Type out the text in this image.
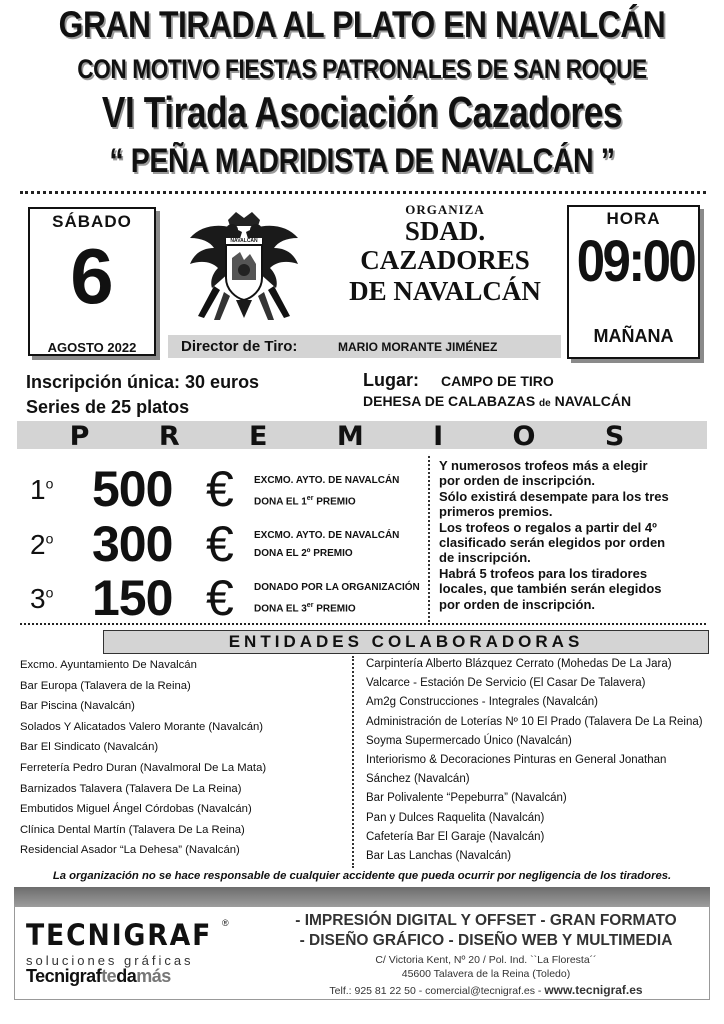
GRAN TIRADA AL PLATO EN NAVALCÁN
CON MOTIVO FIESTAS PATRONALES DE SAN ROQUE
VI Tirada Asociación Cazadores
“ PEÑA MADRIDISTA DE NAVALCÁN ”
SÁBADO
6
AGOSTO 2022
NAVALCÁN
ORGANIZA
SDAD.
CAZADORES
DE NAVALCÁN
HORA
09:00
MAÑANA
Director de Tiro:	MARIO MORANTE JIMÉNEZ
Inscripción única: 30 euros
Series de 25 platos
Lugar: CAMPO DE TIRO
DEHESA DE CALABAZAS de NAVALCÁN
P R E M I O S
1$^o$ 500 € EXCMO. AYTO. DE NAVALCÁN
DONA EL 1er PREMIO
2$^o$ 300 € EXCMO. AYTO. DE NAVALCÁN
DONA EL 2º PREMIO
3$^o$ 150 € DONADO POR LA ORGANIZACIÓN
DONA EL 3er PREMIO
Y numerosos trofeos más a elegir
por orden de inscripción.
Sólo existirá desempate para los tres
primeros premios.
Los trofeos o regalos a partir del 4º
clasificado serán elegidos por orden
de inscripción.
Habrá 5 trofeos para los tiradores
locales, que también serán elegidos
por orden de inscripción.
ENTIDADES COLABORADORAS
Excmo. Ayuntamiento De Navalcán
Bar Europa (Talavera de la Reina)
Bar Piscina (Navalcán)
Solados Y Alicatados Valero Morante (Navalcán)
Bar El Sindicato (Navalcán)
Ferretería Pedro Duran (Navalmoral De La Mata)
Barnizados Talavera (Talavera De La Reina)
Embutidos Miguel Ángel Córdobas (Navalcán)
Clínica Dental Martín (Talavera De La Reina)
Residencial Asador “La Dehesa” (Navalcán)
Carpintería Alberto Blázquez Cerrato (Mohedas De La Jara)
Valcarce - Estación De Servicio (El Casar De Talavera)
Am2g Construcciones - Integrales (Navalcán)
Administración de Loterías Nº 10 El Prado (Talavera De La Reina)
Soyma Supermercado Único (Navalcán)
Interiorismo & Decoraciones Pinturas en General Jonathan
Sánchez (Navalcán)
Bar Polivalente “Pepeburra” (Navalcán)
Pan y Dulces Raquelita (Navalcán)
Cafetería Bar El Garaje (Navalcán)
Bar Las Lanchas (Navalcán)
La organización no se hace responsable de cualquier accidente que pueda ocurrir por negligencia de los tiradores.
TECNIGRAF ®
soluciones gráficas
Tecnigraftedamás
- IMPRESIÓN DIGITAL Y OFFSET - GRAN FORMATO
- DISEÑO GRÁFICO - DISEÑO WEB Y MULTIMEDIA
C/ Victoria Kent, Nº 20 / Pol. Ind. ``La Floresta´´
45600 Talavera de la Reina (Toledo)
Telf.: 925 81 22 50 - comercial@tecnigraf.es - www.tecnigraf.es
